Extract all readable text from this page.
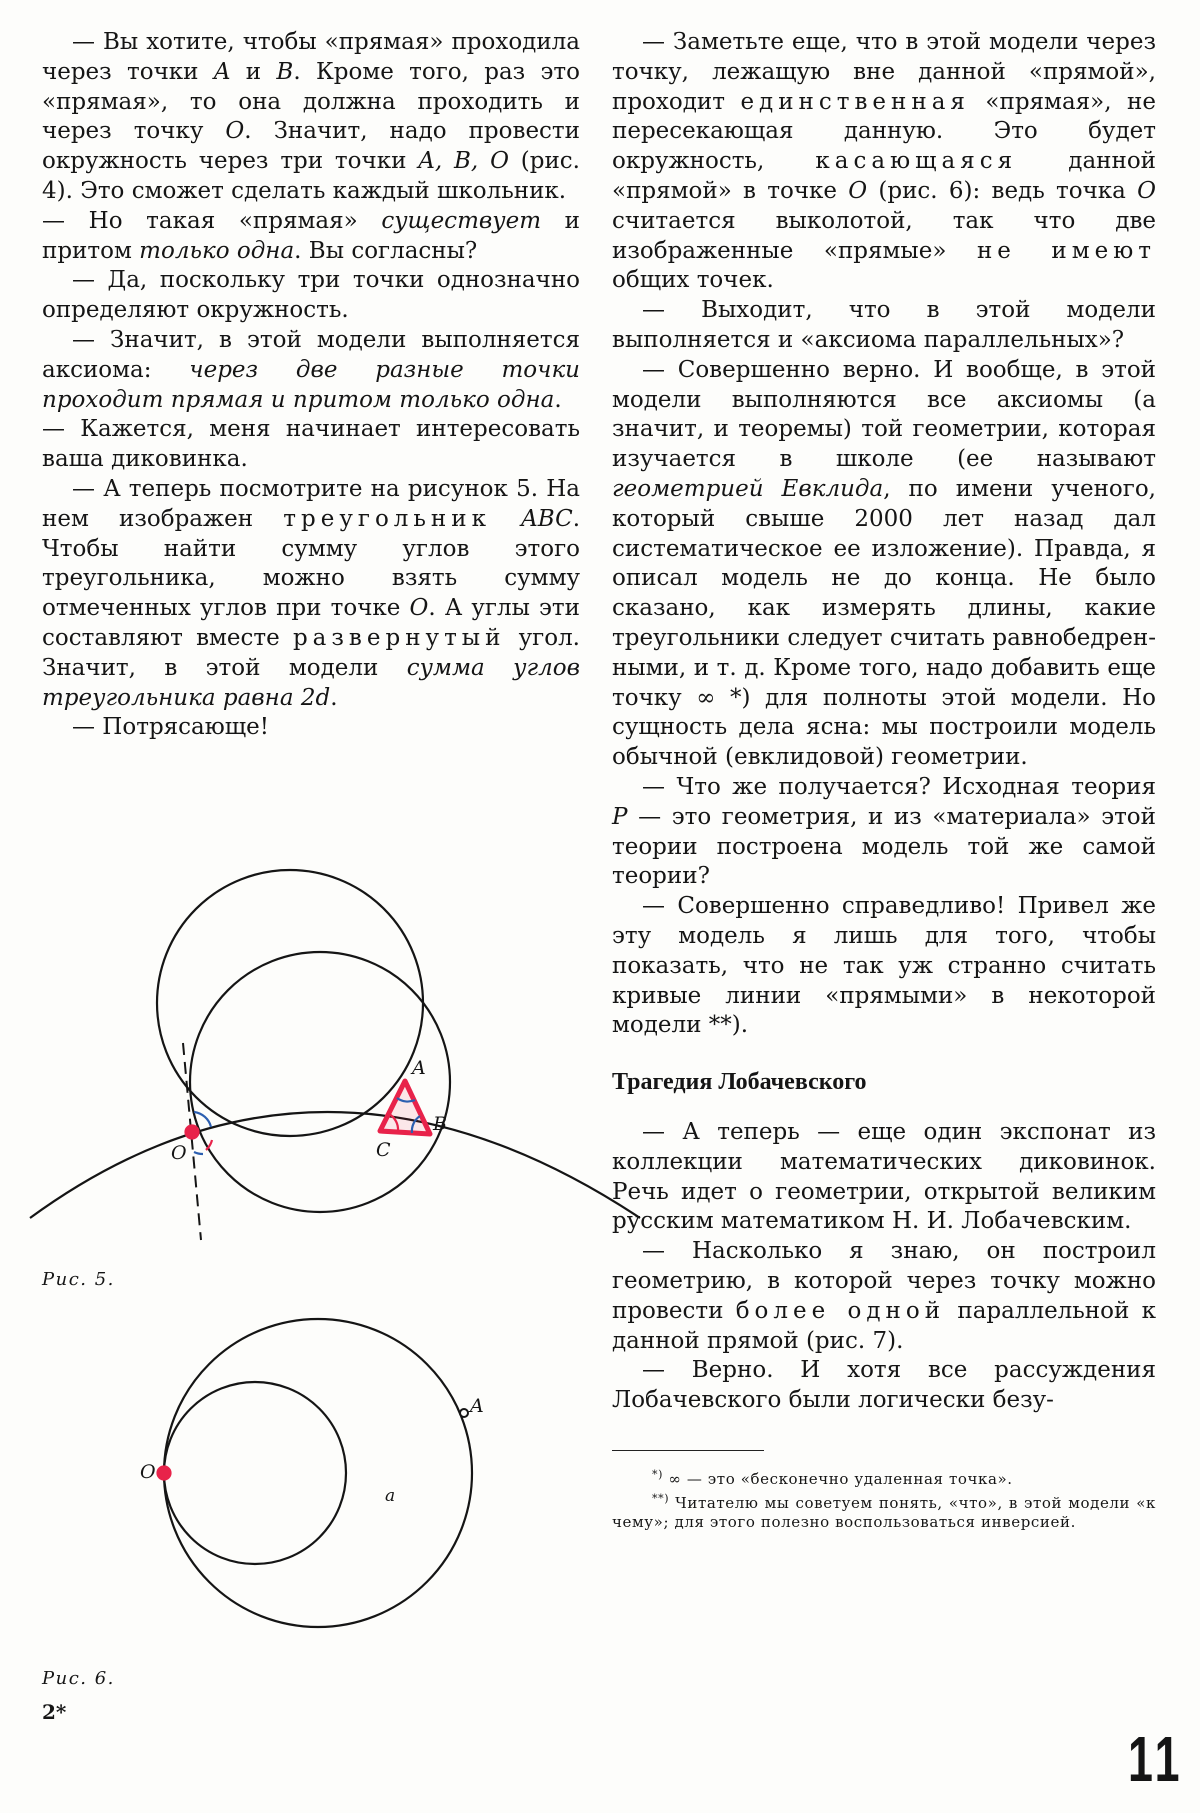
— Вы хотите, чтобы «прямая» проходила через точки A и B. Кроме того, раз это «прямая», то она должна проходить и через точку O. Значит, надо провести окружность через три точки A, B, O (рис. 4). Это сможет сделать каждый школьник.

— Но такая «прямая» существует и притом только одна. Вы согласны?

— Да, поскольку три точки однозначно определяют окружность.

— Значит, в этой модели выполняется аксиома: через две разные точки проходит прямая и притом только одна.

— Кажется, меня начинает интересовать ваша диковинка.

— А теперь посмотрите на рисунок 5. На нем изображен треугольник ABC. Чтобы найти сумму углов этого треугольника, можно взять сумму отмеченных углов при точке O. А углы эти составляют вместе развернутый угол. Значит, в этой модели сумма углов треугольника равна 2d.

— Потрясающе!

— Заметьте еще, что в этой модели через точку, лежащую вне данной «прямой», проходит единственная «прямая», не пересекающая данную. Это будет окружность, касающаяся данной «прямой» в точке O (рис. 6): ведь точка O считается выколотой, так что две изображенные «прямые» не имеют общих точек.

— Выходит, что в этой модели выполняется и «аксиома параллельных»?

— Совершенно верно. И вообще, в этой модели выполняются все аксиомы (а значит, и теоремы) той геометрии, которая изучается в школе (ее называют геометрией Евклида, по имени ученого, который свыше 2000 лет назад дал систематическое ее изложение). Правда, я описал модель не до конца. Не было сказано, как измерять длины, какие треугольники следует считать равнобедренными, и т. д. Кроме того, надо добавить еще точку ∞ *) для полноты этой модели. Но сущность дела ясна: мы построили модель обычной (евклидовой) геометрии.

— Что же получается? Исходная теория P — это геометрия, и из «материала» этой теории построена модель той же самой теории?

— Совершенно справедливо! Привел же эту модель я лишь для того, чтобы показать, что не так уж странно считать кривые линии «прямыми» в некоторой модели **).

Трагедия Лобачевского

— А теперь — еще один экспонат из коллекции математических диковинок. Речь идет о геометрии, открытой великим русским математиком Н. И. Лобачевским.

— Насколько я знаю, он построил геометрию, в которой через точку можно провести более одной параллельной к данной прямой (рис. 7).

— Верно. И хотя все рассуждения Лобачевского были логически безу-

*) ∞ — это «бесконечно удаленная точка».
**) Читателю мы советуем понять, «что», в этой модели «к чему»; для этого полезно воспользоваться инверсией.
A
B
C
O
A
O
a
Рис. 5.
Рис. 6.
2*
11
